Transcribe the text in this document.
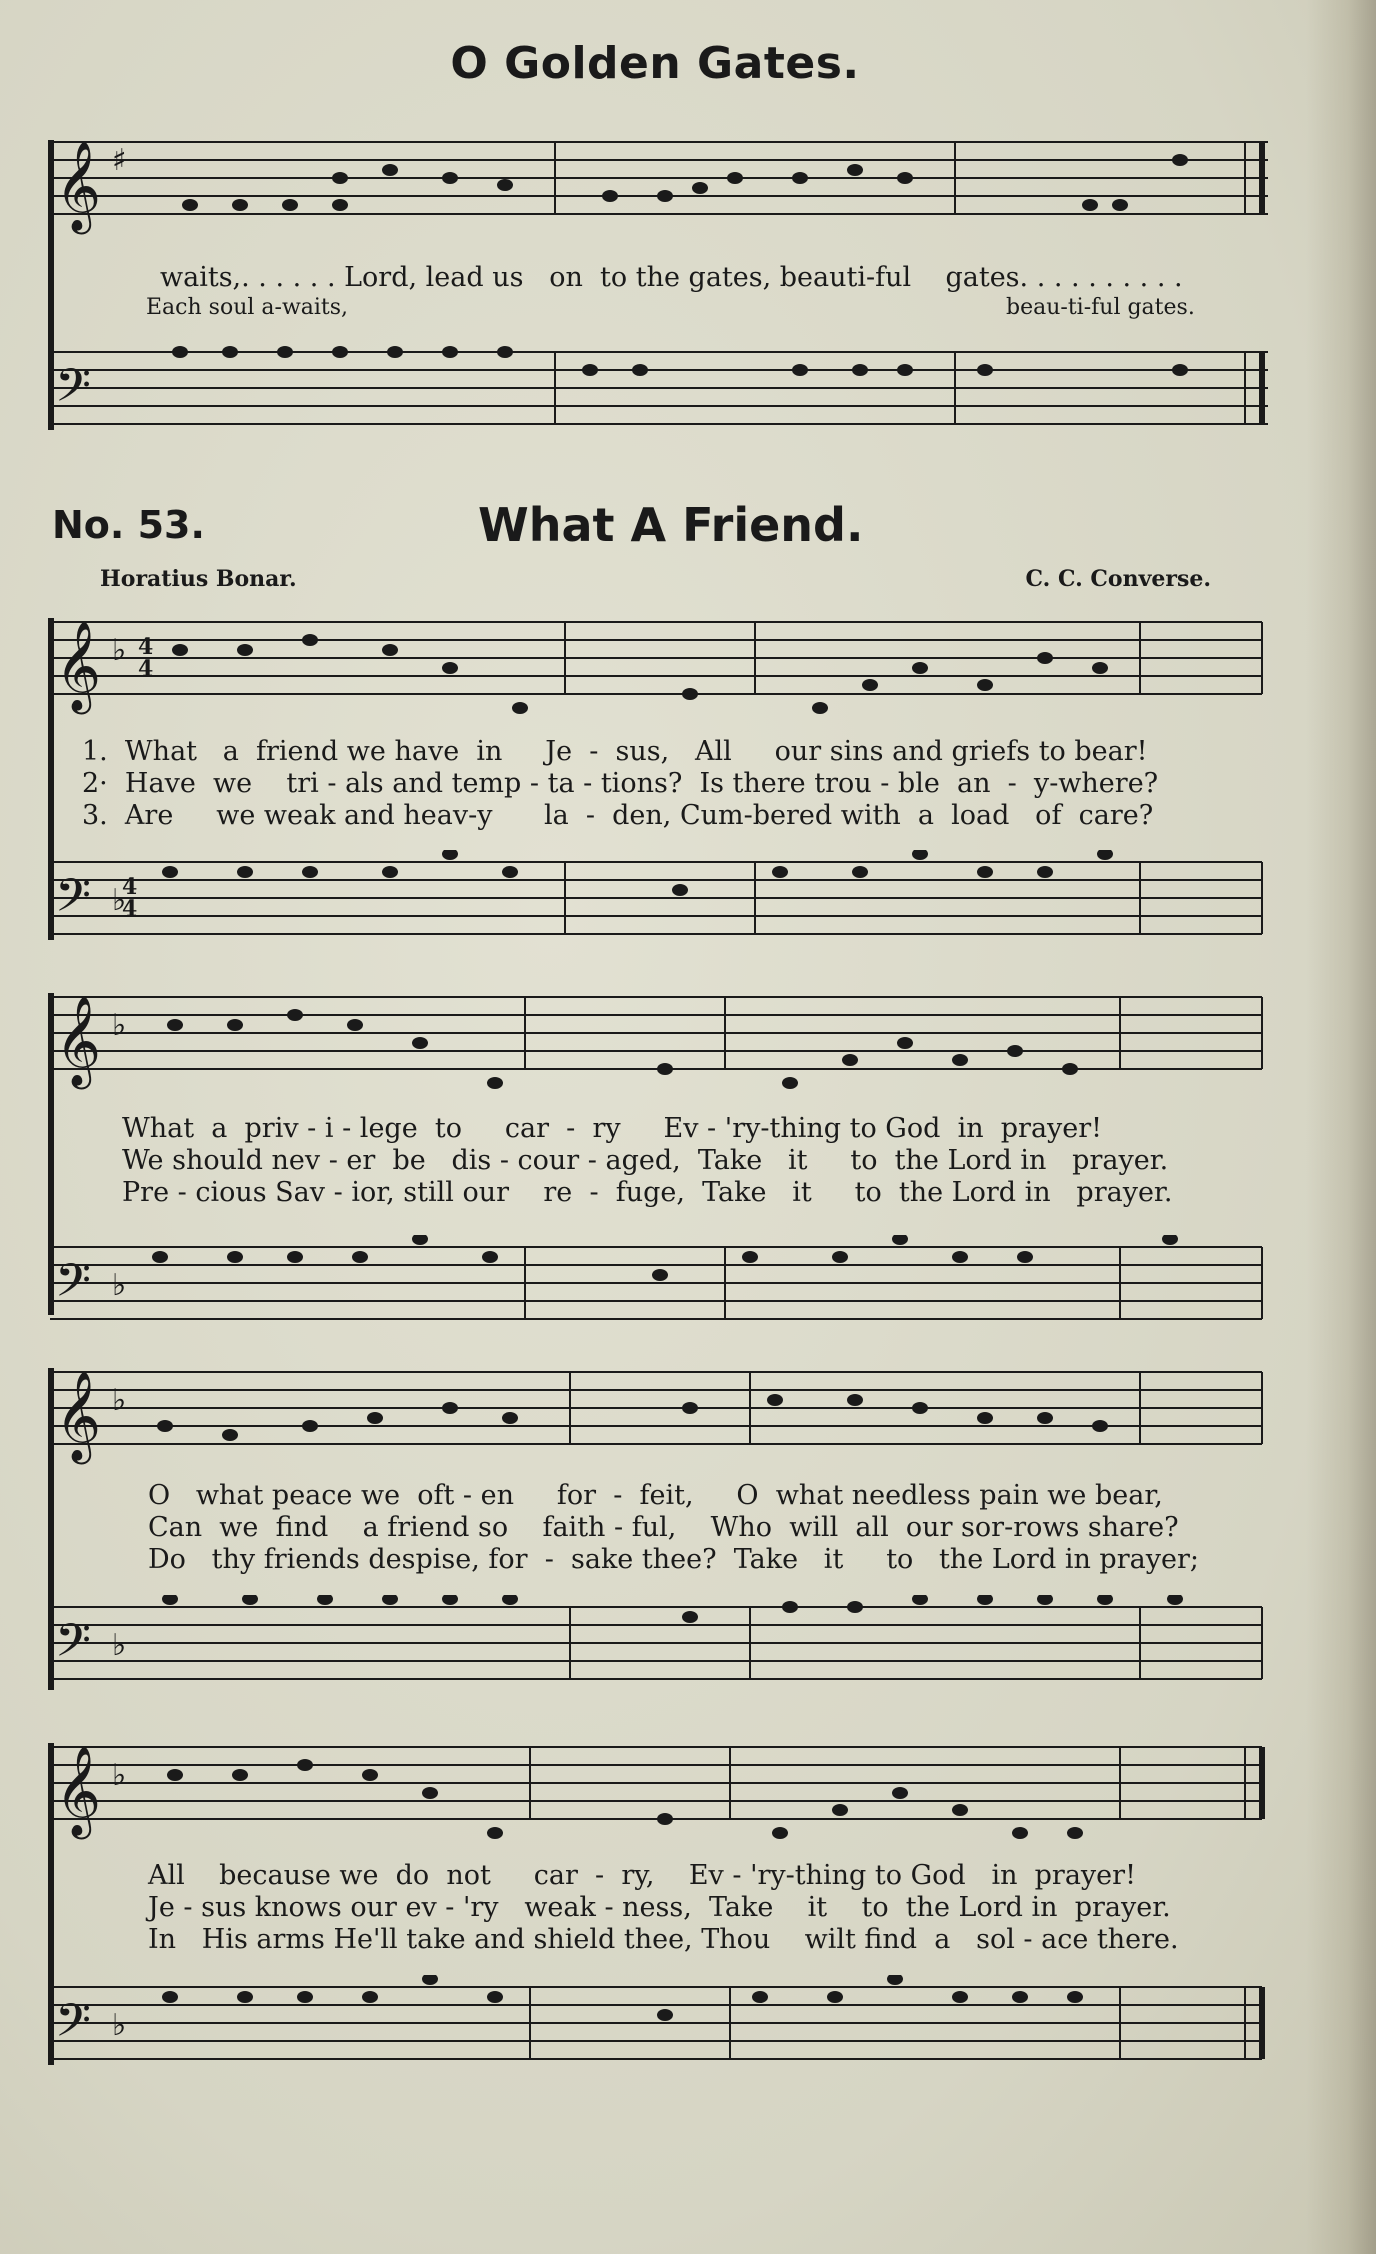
O Golden Gates.
𝄞 ♯
waits,. . . . . . Lord, lead us   on  to the gates, beauti-ful    gates. . . . . . . . . .
Each soul a-waits,	beau-ti-ful gates.
𝄢
No. 53.	What A Friend.
Horatius Bonar.	C. C. Converse.
𝄞 ♭ 4
4
1.  What   a  friend we have  in     Je  -  sus,   All     our sins and griefs to bear!
2·  Have  we    tri - als and temp - ta - tions?  Is there trou - ble  an  -  y-where?
3.  Are     we weak and heav-y      la  -  den, Cum-bered with  a  load   of  care?
𝄢 ♭
4
4
𝄞 ♭
What  a  priv - i - lege  to     car  -  ry     Ev - 'ry-thing to God  in  prayer!
We should nev - er  be   dis - cour - aged,  Take   it     to  the Lord in   prayer.
Pre - cious Sav - ior, still our    re  -  fuge,  Take   it     to  the Lord in   prayer.
𝄢 ♭
𝄞 ♭
O   what peace we  oft - en     for  -  feit,     O  what needless pain we bear,
Can  we  find    a friend so    faith - ful,    Who  will  all  our sor-rows share?
Do   thy friends despise, for  -  sake thee?  Take   it     to   the Lord in prayer;
𝄢 ♭
𝄞 ♭
All    because we  do  not     car  -  ry,    Ev - 'ry-thing to God   in  prayer!
Je - sus knows our ev - 'ry   weak - ness,  Take    it    to  the Lord in  prayer.
In   His arms He'll take and shield thee, Thou    wilt find  a   sol - ace there.
𝄢 ♭
